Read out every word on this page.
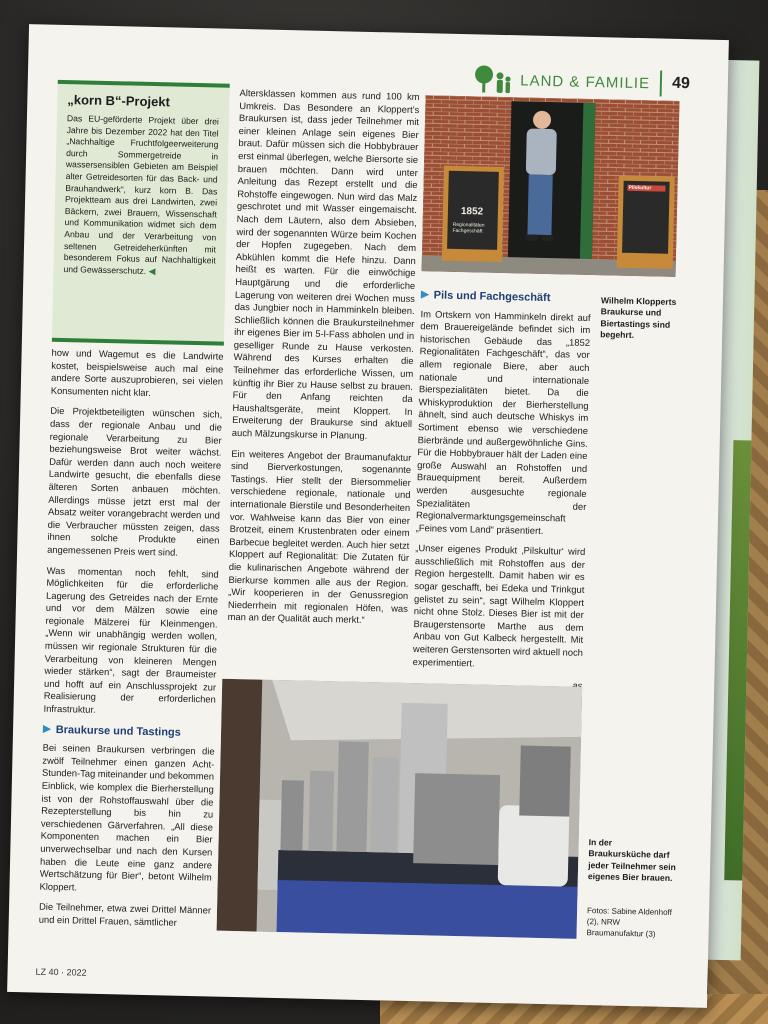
LAND & FAMILIE 49
„korn B“-Projekt

Das EU-geförderte Projekt über drei Jahre bis Dezember 2022 hat den Titel „Nachhaltige Fruchtfolgeerweiterung durch Sommergetreide in wassersensiblen Gebieten am Beispiel alter Getreidesorten für das Back- und Brauhandwerk“, kurz korn B. Das Projektteam aus drei Landwirten, zwei Bäckern, zwei Brauern, Wissenschaft und Kommunikation widmet sich dem Anbau und der Verarbeitung von seltenen Getreideherkünften mit besonderem Fokus auf Nachhaltigkeit und Gewässerschutz. ◀

how und Wagemut es die Landwirte kostet, beispielsweise auch mal eine andere Sorte auszuprobieren, sei vielen Konsumenten nicht klar.

Die Projektbeteiligten wünschen sich, dass der regionale Anbau und die regionale Verarbeitung zu Bier beziehungsweise Brot weiter wächst. Dafür werden dann auch noch weitere Landwirte gesucht, die ebenfalls diese älteren Sorten anbauen möchten. Allerdings müsse jetzt erst mal der Absatz weiter vorangebracht werden und die Verbraucher müssten zeigen, dass ihnen solche Produkte einen angemessenen Preis wert sind.

Was momentan noch fehlt, sind Möglichkeiten für die erforderliche Lagerung des Getreides nach der Ernte und vor dem Mälzen sowie eine regionale Mälzerei für Kleinmengen. „Wenn wir unabhängig werden wollen, müssen wir regionale Strukturen für die Verarbeitung von kleineren Mengen wieder stärken“, sagt der Braumeister und hofft auf ein Anschlussprojekt zur Realisierung der erforderlichen Infrastruktur.

▶ Braukurse und Tastings

Bei seinen Braukursen verbringen die zwölf Teilnehmer einen ganzen Acht-Stunden-Tag miteinander und bekommen Einblick, wie komplex die Bierherstellung ist von der Rohstoffauswahl über die Rezepterstellung bis hin zu verschiedenen Gärverfahren. „All diese Komponenten machen ein Bier unverwechselbar und nach den Kursen haben die Leute eine ganz andere Wertschätzung für Bier“, betont Wilhelm Kloppert.

Die Teilnehmer, etwa zwei Drittel Männer und ein Drittel Frauen, sämtlicher

Altersklassen kommen aus rund 100 km Umkreis. Das Besondere an Kloppert’s Braukursen ist, dass jeder Teilnehmer mit einer kleinen Anlage sein eigenes Bier braut. Dafür müssen sich die Hobbybrauer erst einmal überlegen, welche Biersorte sie brauen möchten. Dann wird unter Anleitung das Rezept erstellt und die Rohstoffe eingewogen. Nun wird das Malz geschrotet und mit Wasser eingemaischt. Nach dem Läutern, also dem Absieben, wird der sogenannten Würze beim Kochen der Hopfen zugegeben. Nach dem Abkühlen kommt die Hefe hinzu. Dann heißt es warten. Für die einwöchige Hauptgärung und die erforderliche Lagerung von weiteren drei Wochen muss das Jungbier noch in Hamminkeln bleiben. Schließlich können die Braukursteilnehmer ihr eigenes Bier im 5-l-Fass abholen und in geselliger Runde zu Hause verkosten. Während des Kurses erhalten die Teilnehmer das erforderliche Wissen, um künftig ihr Bier zu Hause selbst zu brauen. Für den Anfang reichten da Haushaltsgeräte, meint Kloppert. In Erweiterung der Braukurse sind aktuell auch Mälzungskurse in Planung.

Ein weiteres Angebot der Braumanufaktur sind Bierverkostungen, sogenannte Tastings. Hier stellt der Biersommelier verschiedene regionale, nationale und internationale Bierstile und Besonderheiten vor. Wahlweise kann das Bier von einer Brotzeit, einem Krustenbraten oder einem Barbecue begleitet werden. Auch hier setzt Kloppert auf Regionalität: Die Zutaten für die kulinarischen Angebote während der Bierkurse kommen alle aus der Region. „Wir kooperieren in der Genussregion Niederrhein mit regionalen Höfen, was man an der Qualität auch merkt.“

1852
Regionalitäten Fachgeschäft
Pilskultur
▶ Pils und Fachgeschäft

Im Ortskern von Hamminkeln direkt auf dem Brauereigelände befindet sich im historischen Gebäude das „1852 Regionalitäten Fachgeschäft“, das vor allem regionale Biere, aber auch nationale und internationale Bierspezialitäten bietet. Da die Whiskyproduktion der Bierherstellung ähnelt, sind auch deutsche Whiskys im Sortiment ebenso wie verschiedene Bierbrände und außergewöhnliche Gins. Für die Hobbybrauer hält der Laden eine große Auswahl an Rohstoffen und Brauequipment bereit. Außerdem werden ausgesuchte regionale Spezialitäten der Regionalvermarktungsgemeinschaft „Feines vom Land“ präsentiert.

„Unser eigenes Produkt ‚Pilskultur‘ wird ausschließlich mit Rohstoffen aus der Region hergestellt. Damit haben wir es sogar geschafft, bei Edeka und Trinkgut gelistet zu sein“, sagt Wilhelm Kloppert nicht ohne Stolz. Dieses Bier ist mit der Braugerstensorte Marthe aus dem Anbau von Gut Kalbeck hergestellt. Mit weiteren Gerstensorten wird aktuell noch experimentiert.

as

Wilhelm Klopperts Braukurse und Biertastings sind begehrt.
In der Braukursküche darf jeder Teilnehmer sein eigenes Bier brauen.
Fotos: Sabine Aldenhoff (2), NRW Braumanufaktur (3)
LZ 40 · 2022
